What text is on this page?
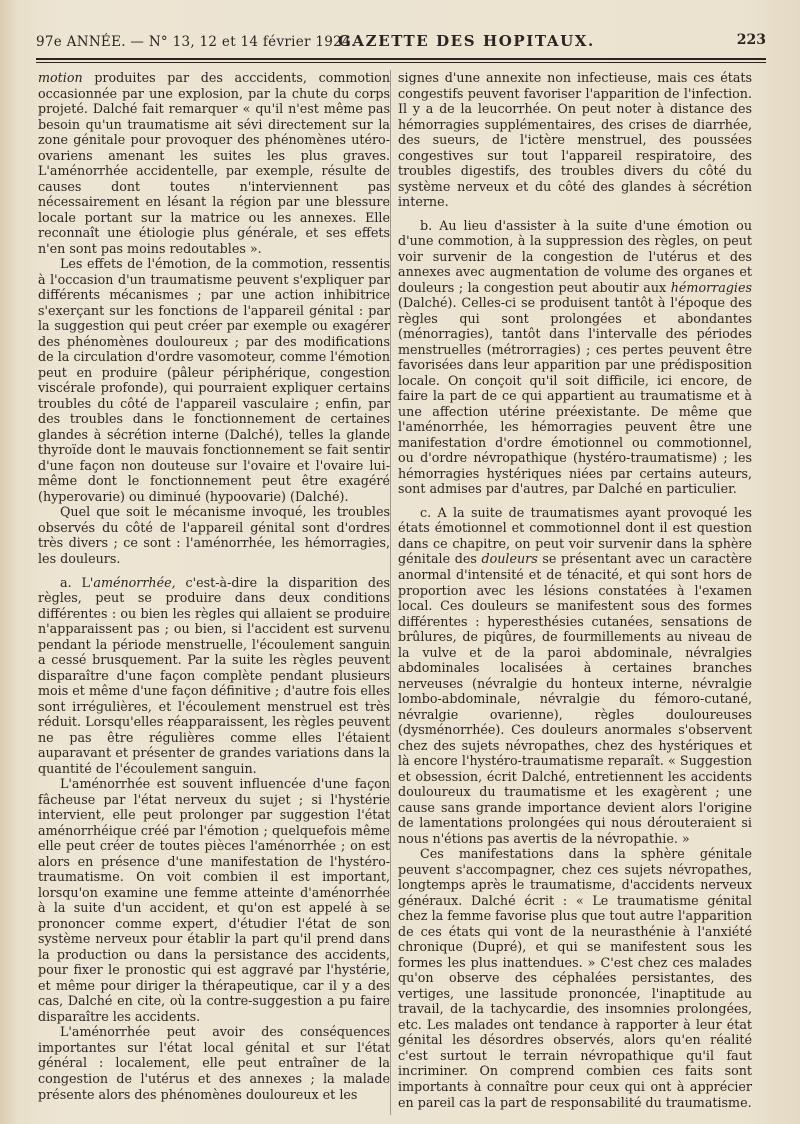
97e ANNÉE. — N° 13, 12 et 14 février 1924.
GAZETTE DES HOPITAUX.	223

motion produites par des acccidents, commotion occasionnée par une explosion, par la chute du corps projeté. Dalché fait remarquer « qu'il n'est même pas besoin qu'un traumatisme ait sévi directement sur la zone génitale pour provoquer des phénomènes utéro-ovariens amenant les suites les plus graves. L'aménorrhée accidentelle, par exemple, résulte de causes dont toutes n'interviennent pas nécessairement en lésant la région par une blessure locale portant sur la matrice ou les annexes. Elle reconnaît une étiologie plus générale, et ses effets n'en sont pas moins redoutables ».

Les effets de l'émotion, de la commotion, ressentis à l'occasion d'un traumatisme peuvent s'expliquer par différents mécanismes ; par une action inhibitrice s'exerçant sur les fonctions de l'appareil génital : par la suggestion qui peut créer par exemple ou exagérer des phénomènes douloureux ; par des modifications de la circulation d'ordre vasomoteur, comme l'émotion peut en produire (pâleur périphérique, congestion viscérale profonde), qui pourraient expliquer certains troubles du côté de l'appareil vasculaire ; enfin, par des troubles dans le fonctionnement de certaines glandes à sécrétion interne (Dalché), telles la glande thyroïde dont le mauvais fonctionnement se fait sentir d'une façon non douteuse sur l'ovaire et l'ovaire lui-même dont le fonctionnement peut être exagéré (hyperovarie) ou diminué (hypoovarie) (Dalché).

Quel que soit le mécanisme invoqué, les troubles observés du côté de l'appareil génital sont d'ordres très divers ; ce sont : l'aménorrhée, les hémorragies, les douleurs.

a. L'aménorrhée, c'est-à-dire la disparition des règles, peut se produire dans deux conditions différentes : ou bien les règles qui allaient se produire n'apparaissent pas ; ou bien, si l'accident est survenu pendant la période menstruelle, l'écoulement sanguin a cessé brusquement. Par la suite les règles peuvent disparaître d'une façon complète pendant plusieurs mois et même d'une façon définitive ; d'autre fois elles sont irrégulières, et l'écoulement menstruel est très réduit. Lorsqu'elles réapparaissent, les règles peuvent ne pas être régulières comme elles l'étaient auparavant et présenter de grandes variations dans la quantité de l'écoulement sanguin.

L'aménorrhée est souvent influencée d'une façon fâcheuse par l'état nerveux du sujet ; si l'hystérie intervient, elle peut prolonger par suggestion l'état aménorrhéique créé par l'émotion ; quelquefois même elle peut créer de toutes pièces l'aménorrhée ; on est alors en présence d'une manifestation de l'hystéro-traumatisme. On voit combien il est important, lorsqu'on examine une femme atteinte d'aménorrhée à la suite d'un accident, et qu'on est appelé à se prononcer comme expert, d'étudier l'état de son système nerveux pour établir la part qu'il prend dans la production ou dans la persistance des accidents, pour fixer le pronostic qui est aggravé par l'hystérie, et même pour diriger la thérapeutique, car il y a des cas, Dalché en cite, où la contre-suggestion a pu faire disparaître les accidents.

L'aménorrhée peut avoir des conséquences importantes sur l'état local génital et sur l'état général : localement, elle peut entraîner de la congestion de l'utérus et des annexes ; la malade présente alors des phénomènes douloureux et les

signes d'une annexite non infectieuse, mais ces états congestifs peuvent favoriser l'apparition de l'infection. Il y a de la leucorrhée. On peut noter à distance des hémorragies supplémentaires, des crises de diarrhée, des sueurs, de l'ictère menstruel, des poussées congestives sur tout l'appareil respiratoire, des troubles digestifs, des troubles divers du côté du système nerveux et du côté des glandes à sécrétion interne.

b. Au lieu d'assister à la suite d'une émotion ou d'une commotion, à la suppression des règles, on peut voir survenir de la congestion de l'utérus et des annexes avec augmentation de volume des organes et douleurs ; la congestion peut aboutir aux hémorragies (Dalché). Celles-ci se produisent tantôt à l'époque des règles qui sont prolongées et abondantes (ménorragies), tantôt dans l'intervalle des périodes menstruelles (métrorragies) ; ces pertes peuvent être favorisées dans leur apparition par une prédisposition locale. On conçoit qu'il soit difficile, ici encore, de faire la part de ce qui appartient au traumatisme et à une affection utérine préexistante. De même que l'aménorrhée, les hémorragies peuvent être une manifestation d'ordre émotionnel ou commotionnel, ou d'ordre névropathique (hystéro-traumatisme) ; les hémorragies hystériques niées par certains auteurs, sont admises par d'autres, par Dalché en particulier.

c. A la suite de traumatismes ayant provoqué les états émotionnel et commotionnel dont il est question dans ce chapitre, on peut voir survenir dans la sphère génitale des douleurs se présentant avec un caractère anormal d'intensité et de ténacité, et qui sont hors de proportion avec les lésions constatées à l'examen local. Ces douleurs se manifestent sous des formes différentes : hyperesthésies cutanées, sensations de brûlures, de piqûres, de fourmillements au niveau de la vulve et de la paroi abdominale, névralgies abdominales localisées à certaines branches nerveuses (névralgie du honteux interne, névralgie lombo-abdominale, névralgie du fémoro-cutané, névralgie ovarienne), règles douloureuses (dysménorrhée). Ces douleurs anormales s'observent chez des sujets névropathes, chez des hystériques et là encore l'hystéro-traumatisme reparaît. « Suggestion et obsession, écrit Dalché, entretiennent les accidents douloureux du traumatisme et les exagèrent ; une cause sans grande importance devient alors l'origine de lamentations prolongées qui nous dérouteraient si nous n'étions pas avertis de la névropathie. »

Ces manifestations dans la sphère génitale peuvent s'accompagner, chez ces sujets névropathes, longtemps après le traumatisme, d'accidents nerveux généraux. Dalché écrit : « Le traumatisme génital chez la femme favorise plus que tout autre l'apparition de ces états qui vont de la neurasthénie à l'anxiété chronique (Dupré), et qui se manifestent sous les formes les plus inattendues. » C'est chez ces malades qu'on observe des céphalées persistantes, des vertiges, une lassitude prononcée, l'inaptitude au travail, de la tachycardie, des insomnies prolongées, etc. Les malades ont tendance à rapporter à leur état génital les désordres observés, alors qu'en réalité c'est surtout le terrain névropathique qu'il faut incriminer. On comprend combien ces faits sont importants à connaître pour ceux qui ont à apprécier en pareil cas la part de responsabilité du traumatisme.
